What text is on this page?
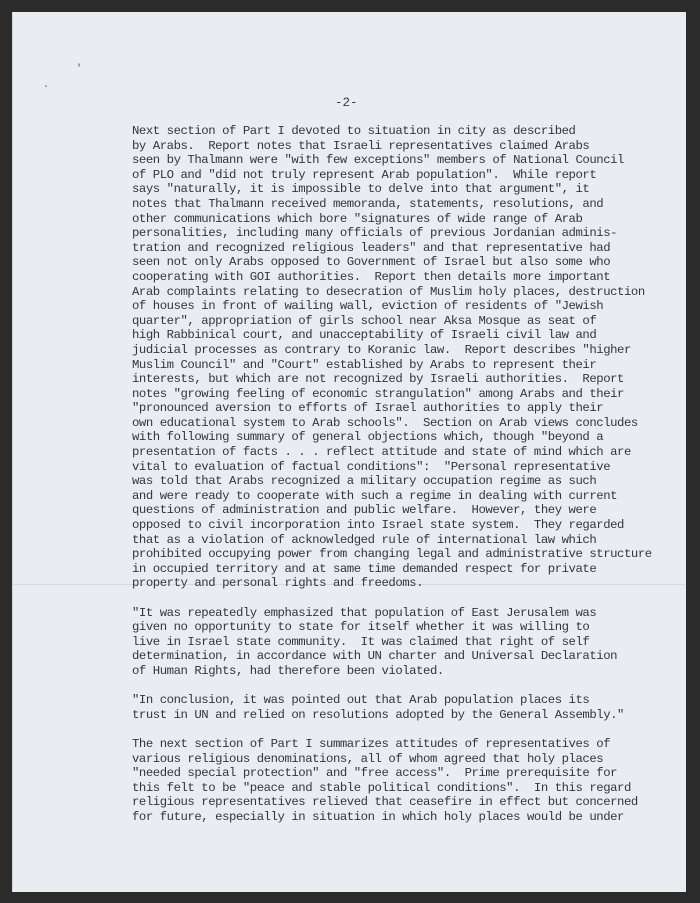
'
·
-2-
Next section of Part I devoted to situation in city as described
by Arabs.  Report notes that Israeli representatives claimed Arabs
seen by Thalmann were "with few exceptions" members of National Council
of PLO and "did not truly represent Arab population".  While report
says "naturally, it is impossible to delve into that argument", it
notes that Thalmann received memoranda, statements, resolutions, and
other communications which bore "signatures of wide range of Arab
personalities, including many officials of previous Jordanian adminis-
tration and recognized religious leaders" and that representative had
seen not only Arabs opposed to Government of Israel but also some who
cooperating with GOI authorities.  Report then details more important
Arab complaints relating to desecration of Muslim holy places, destruction
of houses in front of wailing wall, eviction of residents of "Jewish
quarter", appropriation of girls school near Aksa Mosque as seat of
high Rabbinical court, and unacceptability of Israeli civil law and
judicial processes as contrary to Koranic law.  Report describes "higher
Muslim Council" and "Court" established by Arabs to represent their
interests, but which are not recognized by Israeli authorities.  Report
notes "growing feeling of economic strangulation" among Arabs and their
"pronounced aversion to efforts of Israel authorities to apply their
own educational system to Arab schools".  Section on Arab views concludes
with following summary of general objections which, though "beyond a
presentation of facts . . . reflect attitude and state of mind which are
vital to evaluation of factual conditions":  "Personal representative
was told that Arabs recognized a military occupation regime as such
and were ready to cooperate with such a regime in dealing with current
questions of administration and public welfare.  However, they were
opposed to civil incorporation into Israel state system.  They regarded
that as a violation of acknowledged rule of international law which
prohibited occupying power from changing legal and administrative structure
in occupied territory and at same time demanded respect for private
property and personal rights and freedoms.
"It was repeatedly emphasized that population of East Jerusalem was
given no opportunity to state for itself whether it was willing to
live in Israel state community.  It was claimed that right of self
determination, in accordance with UN charter and Universal Declaration
of Human Rights, had therefore been violated.
"In conclusion, it was pointed out that Arab population places its
trust in UN and relied on resolutions adopted by the General Assembly."
The next section of Part I summarizes attitudes of representatives of
various religious denominations, all of whom agreed that holy places
"needed special protection" and "free access".  Prime prerequisite for
this felt to be "peace and stable political conditions".  In this regard
religious representatives relieved that ceasefire in effect but concerned
for future, especially in situation in which holy places would be under
